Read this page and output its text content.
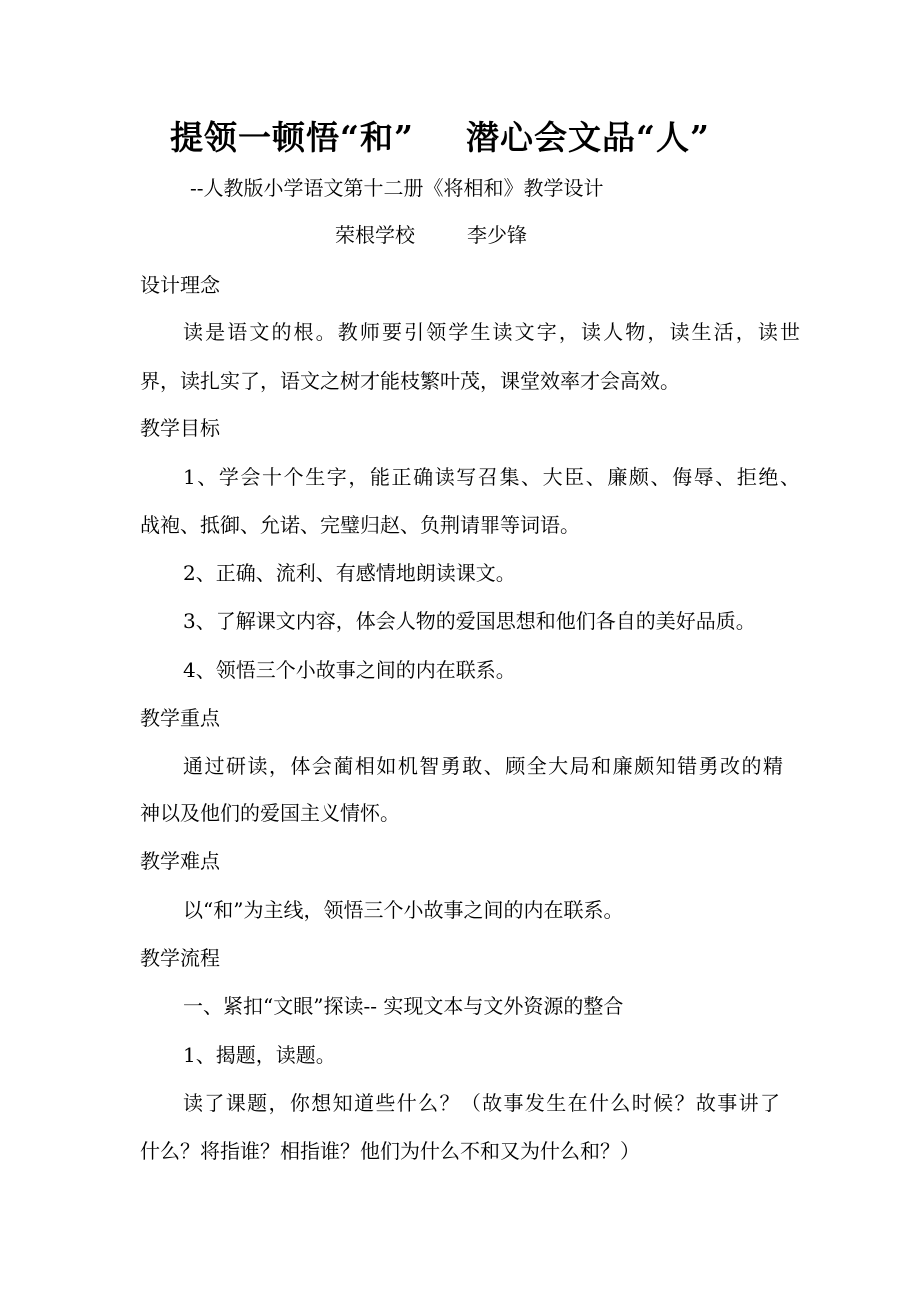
提领一顿悟“和” 潜心会文品“人”
--人教版小学语文第十二册《将相和》教学设计
荣根学校	李少锋
设计理念
读是语文的根。教师要引领学生读文字，读人物，读生活，读世
界，读扎实了，语文之树才能枝繁叶茂，课堂效率才会高效。
教学目标
1、学会十个生字，能正确读写召集、大臣、廉颇、侮辱、拒绝、
战袍、抵御、允诺、完璧归赵、负荆请罪等词语。
2、正确、流利、有感情地朗读课文。
3、了解课文内容，体会人物的爱国思想和他们各自的美好品质。
4、领悟三个小故事之间的内在联系。
教学重点
通过研读，体会蔺相如机智勇敢、顾全大局和廉颇知错勇改的精
神以及他们的爱国主义情怀。
教学难点
以“和”为主线，领悟三个小故事之间的内在联系。
教学流程
一、紧扣“文眼”探读-- 实现文本与文外资源的整合
1、揭题，读题。
读了课题，你想知道些什么？（故事发生在什么时候？故事讲了
什么？将指谁？相指谁？他们为什么不和又为什么和？）
